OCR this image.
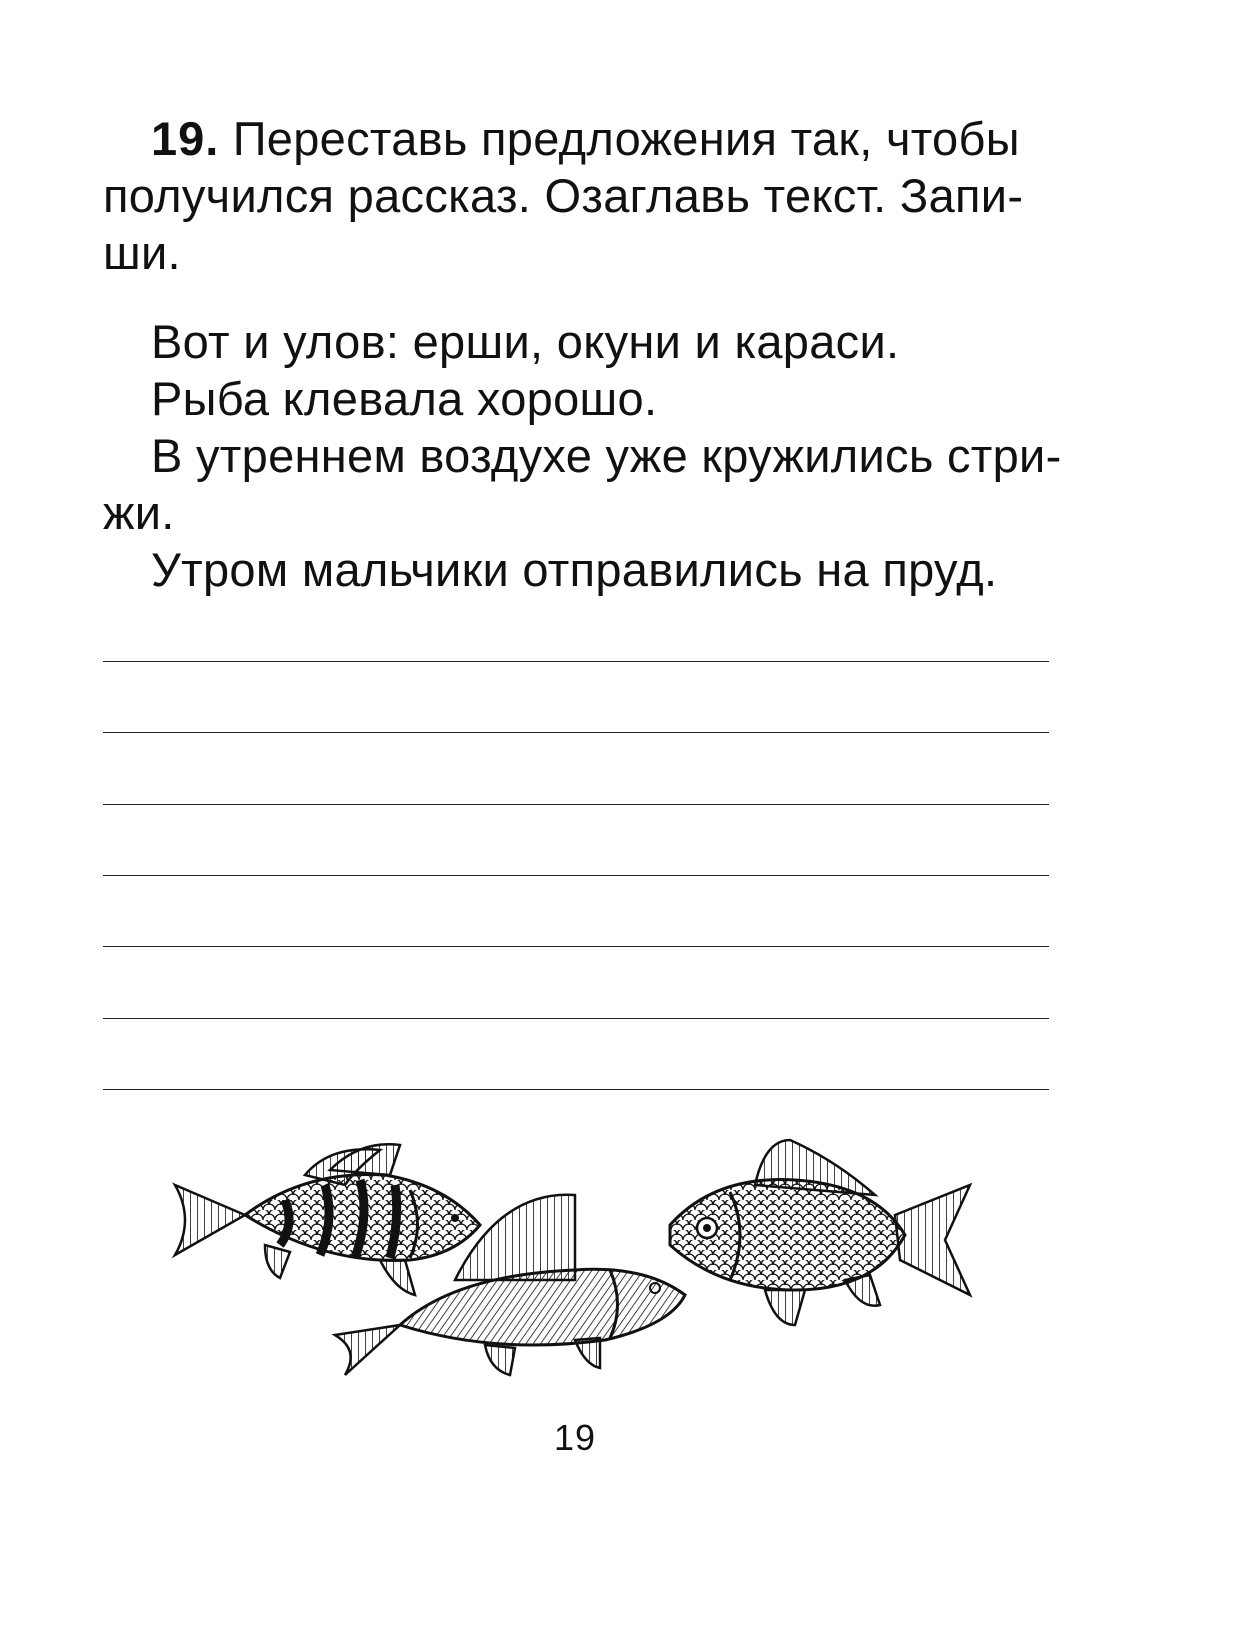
19. Переставь предложения так, чтобы
получился рассказ. Озаглавь текст. Запи-
ши.
Вот и улов: ерши, окуни и караси.
Рыба клевала хорошо.
В утреннем воздухе уже кружились стри-
жи.
Утром мальчики отправились на пруд.
19
